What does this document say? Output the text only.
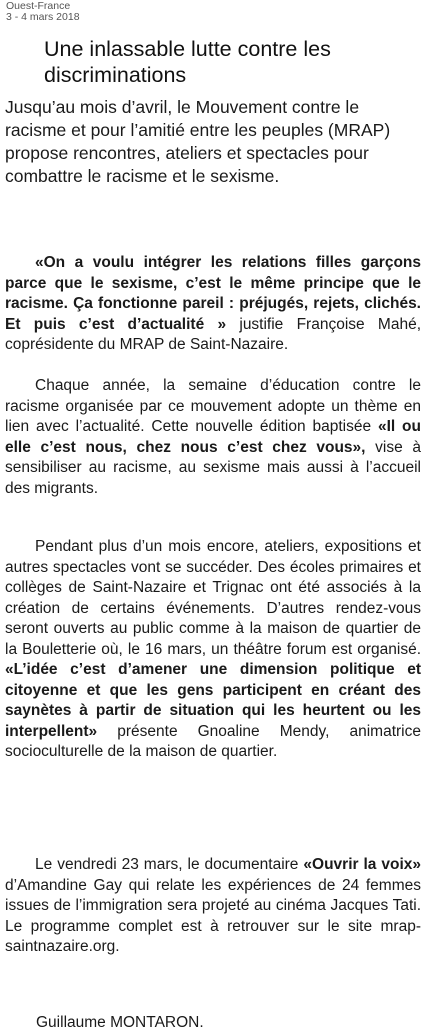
Ouest-France
3 - 4 mars 2018
Une inlassable lutte contre les discriminations

Jusqu’au mois d’avril, le Mouvement contre le racisme et pour l’amitié entre les peuples (MRAP) propose rencontres, ateliers et spectacles pour combattre le racisme et le sexisme.

«On a voulu intégrer les relations filles garçons parce que le sexisme, c’est le même principe que le racisme. Ça fonctionne pareil : préjugés, rejets, clichés. Et puis c’est d’actualité » justifie Françoise Mahé, coprésidente du MRAP de Saint-Nazaire.

Chaque année, la semaine d’éducation contre le racisme organisée par ce mouvement adopte un thème en lien avec l’actualité. Cette nouvelle édition baptisée «Il ou elle c’est nous, chez nous c’est chez vous», vise à sensibiliser au racisme, au sexisme mais aussi à l’accueil des migrants.

Pendant plus d’un mois encore, ateliers, expositions et autres spectacles vont se succéder. Des écoles primaires et collèges de Saint-Nazaire et Trignac ont été associés à la création de certains événements. D’autres rendez-vous seront ouverts au public comme à la maison de quartier de la Bouletterie où, le 16 mars, un théâtre forum est organisé. «L’idée c’est d’amener une dimension politique et citoyenne et que les gens participent en créant des saynètes à partir de situation qui les heurtent ou les interpellent» présente Gnoaline Mendy, animatrice socioculturelle de la maison de quartier.

Le vendredi 23 mars, le documentaire «Ouvrir la voix» d’Amandine Gay qui relate les expériences de 24 femmes issues de l’immigration sera projeté au cinéma Jacques Tati. Le programme complet est à retrouver sur le site mrap-saintnazaire.org.

Guillaume MONTARON.
